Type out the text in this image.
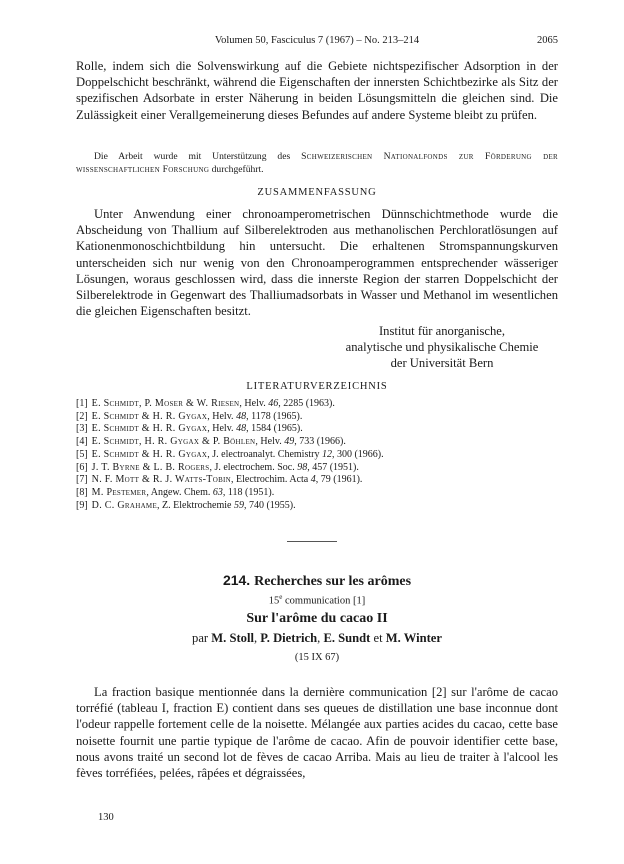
Volumen 50, Fasciculus 7 (1967) – No. 213–214	2065

Rolle, indem sich die Solvenswirkung auf die Gebiete nichtspezifischer Adsorption in der Doppelschicht beschränkt, während die Eigenschaften der innersten Schichtbezirke als Sitz der spezifischen Adsorbate in erster Näherung in beiden Lösungsmitteln die gleichen sind. Die Zulässigkeit einer Verallgemeinerung dieses Befundes auf andere Systeme bleibt zu prüfen.

Die Arbeit wurde mit Unterstützung des Schweizerischen Nationalfonds zur Förderung der wissenschaftlichen Forschung durchgeführt.

ZUSAMMENFASSUNG

Unter Anwendung einer chronoamperometrischen Dünnschichtmethode wurde die Abscheidung von Thallium auf Silberelektroden aus methanolischen Perchloratlösungen auf Kationenmonoschichtbildung hin untersucht. Die erhaltenen Stromspannungskurven unterscheiden sich nur wenig von den Chronoamperogrammen entsprechender wässeriger Lösungen, woraus geschlossen wird, dass die innerste Region der starren Doppelschicht der Silberelektrode in Gegenwart des Thalliumadsorbats in Wasser und Methanol im wesentlichen die gleichen Eigenschaften besitzt.

Institut für anorganische,
analytische und physikalische Chemie
der Universität Bern
LITERATURVERZEICHNIS
[1] E. Schmidt, P. Moser & W. Riesen, Helv. 46, 2285 (1963).
[2] E. Schmidt & H. R. Gygax, Helv. 48, 1178 (1965).
[3] E. Schmidt & H. R. Gygax, Helv. 48, 1584 (1965).
[4] E. Schmidt, H. R. Gygax & P. Böhlen, Helv. 49, 733 (1966).
[5] E. Schmidt & H. R. Gygax, J. electroanalyt. Chemistry 12, 300 (1966).
[6] J. T. Byrne & L. B. Rogers, J. electrochem. Soc. 98, 457 (1951).
[7] N. F. Mott & R. J. Watts-Tobin, Electrochim. Acta 4, 79 (1961).
[8] M. Pestemer, Angew. Chem. 63, 118 (1951).
[9] D. C. Grahame, Z. Elektrochemie 59, 740 (1955).
214. Recherches sur les arômes
15e communication [1]
Sur l'arôme du cacao II
par M. Stoll, P. Dietrich, E. Sundt et M. Winter
(15 IX 67)

La fraction basique mentionnée dans la dernière communication [2] sur l'arôme de cacao torréfié (tableau I, fraction E) contient dans ses queues de distillation une base inconnue dont l'odeur rappelle fortement celle de la noisette. Mélangée aux parties acides du cacao, cette base noisette fournit une partie typique de l'arôme de cacao. Afin de pouvoir identifier cette base, nous avons traité un second lot de fèves de cacao Arriba. Mais au lieu de traiter à l'alcool les fèves torréfiées, pelées, râpées et dégraissées,

130
